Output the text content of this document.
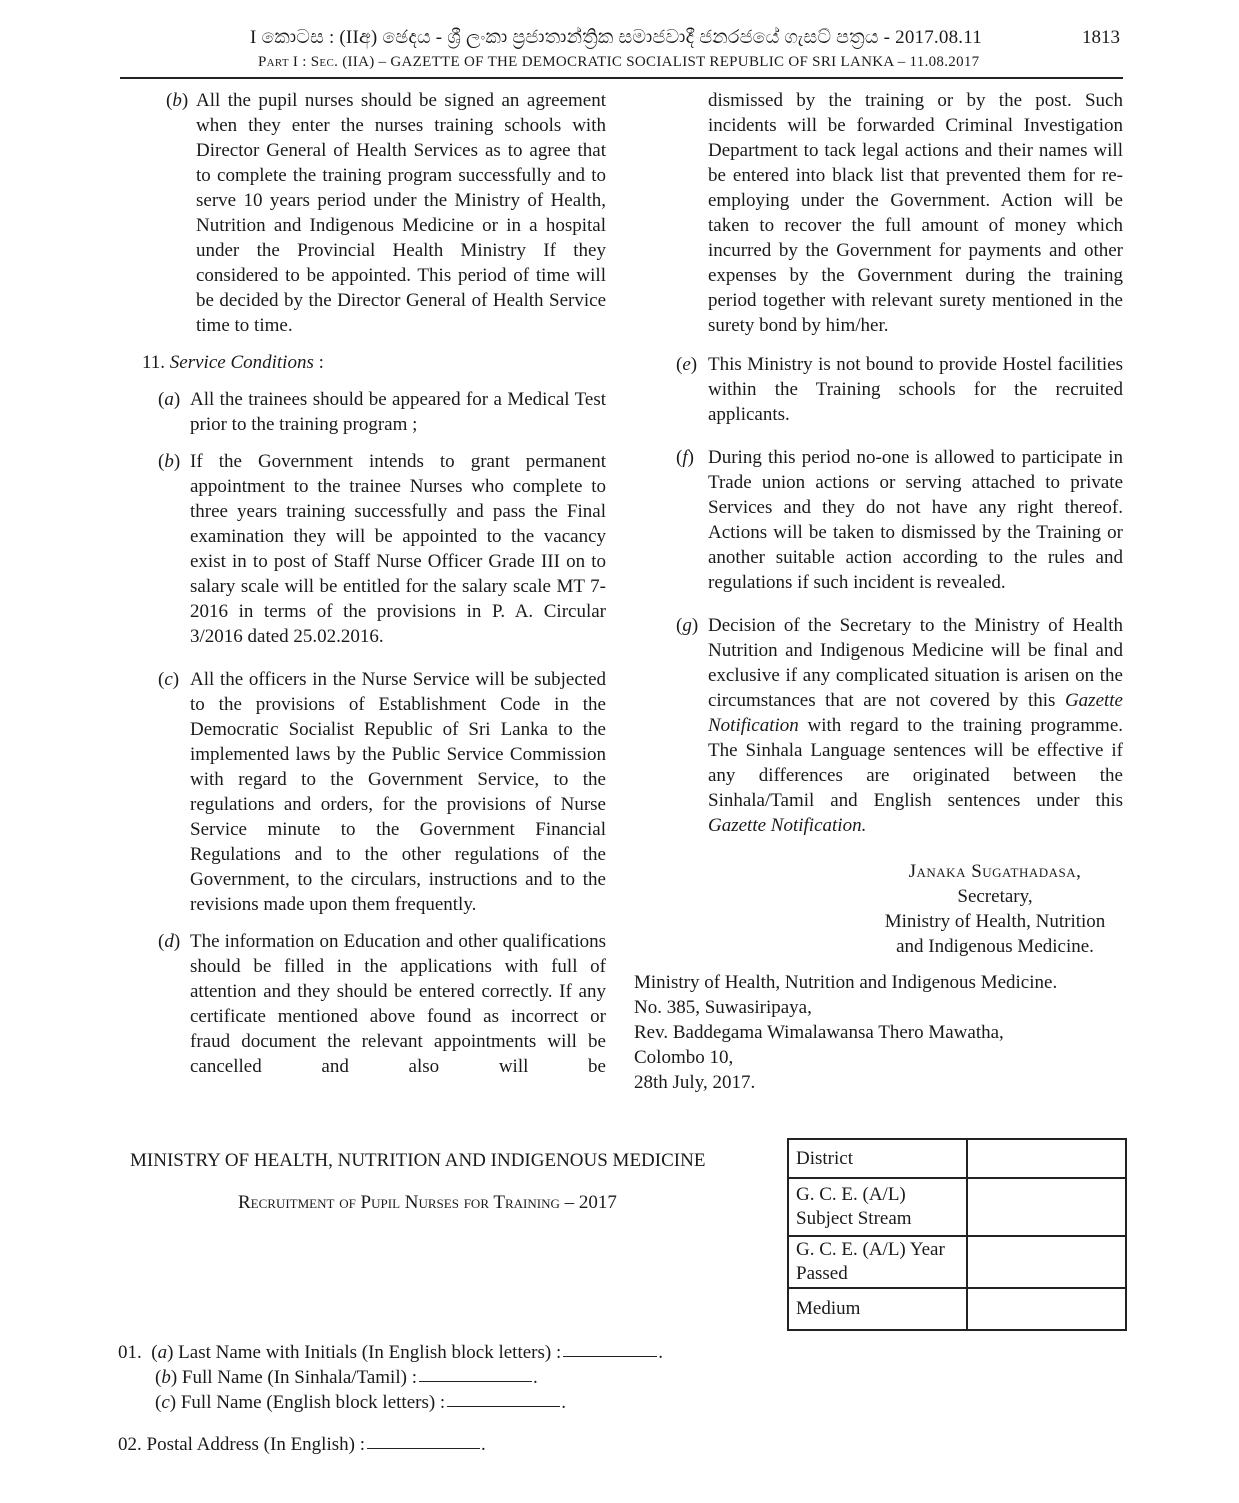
I කොටස : (IIඅ) ඡෙදය - ශ්‍රී ලංකා ප්‍රජාතාන්ත්‍රික සමාජවාදී ජනරජයේ ගැසට් පත්‍රය - 2017.08.11	1813
Part I : Sec. (IIA) – GAZETTE OF THE DEMOCRATIC SOCIALIST REPUBLIC OF SRI LANKA – 11.08.2017
(b) All the pupil nurses should be signed an agreement when they enter the nurses training schools with Director General of Health Services as to agree that to complete the training program successfully and to serve 10 years period under the Ministry of Health, Nutrition and Indigenous Medicine or in a hospital under the Provincial Health Ministry If they considered to be appointed. This period of time will be decided by the Director General of Health Service time to time.
11. Service Conditions :
(a) All the trainees should be appeared for a Medical Test prior to the training program ;
(b) If the Government intends to grant permanent appointment to the trainee Nurses who complete to three years training successfully and pass the Final examination they will be appointed to the vacancy exist in to post of Staff Nurse Officer Grade III on to salary scale will be entitled for the salary scale MT 7-2016 in terms of the provisions in P. A. Circular 3/2016 dated 25.02.2016.
(c) All the officers in the Nurse Service will be subjected to the provisions of Establishment Code in the Democratic Socialist Republic of Sri Lanka to the implemented laws by the Public Service Commission with regard to the Government Service, to the regulations and orders, for the provisions of Nurse Service minute to the Government Financial Regulations and to the other regulations of the Government, to the circulars, instructions and to the revisions made upon them frequently.
(d) The information on Education and other qualifications should be filled in the applications with full of attention and they should be entered correctly. If any certificate mentioned above found as incorrect or fraud document the relevant appointments will be cancelled and also will be
dismissed by the training or by the post. Such incidents will be forwarded Criminal Investigation Department to tack legal actions and their names will be entered into black list that prevented them for re-employing under the Government. Action will be taken to recover the full amount of money which incurred by the Government for payments and other expenses by the Government during the training period together with relevant surety mentioned in the surety bond by him/her.
(e) This Ministry is not bound to provide Hostel facilities within the Training schools for the recruited applicants.
(f) During this period no-one is allowed to participate in Trade union actions or serving attached to private Services and they do not have any right thereof. Actions will be taken to dismissed by the Training or another suitable action according to the rules and regulations if such incident is revealed.
(g) Decision of the Secretary to the Ministry of Health Nutrition and Indigenous Medicine will be final and exclusive if any complicated situation is arisen on the circumstances that are not covered by this Gazette Notification with regard to the training programme. The Sinhala Language sentences will be effective if any differences are originated between the Sinhala/Tamil and English sentences under this Gazette Notification.
Janaka Sugathadasa,
Secretary,
Ministry of Health, Nutrition
and Indigenous Medicine.
Ministry of Health, Nutrition and Indigenous Medicine.
No. 385, Suwasiripaya,
Rev. Baddegama Wimalawansa Thero Mawatha,
Colombo 10,
28th July, 2017.
MINISTRY OF HEALTH, NUTRITION AND INDIGENOUS MEDICINE
Recruitment of Pupil Nurses for Training – 2017
District	
G. C. E. (A/L) Subject Stream	
G. C. E. (A/L) Year Passed	
Medium	
01.  (a) Last Name with Initials (In English block letters) :	.
(b) Full Name (In Sinhala/Tamil) :	.
(c) Full Name (English block letters) :	.
02. Postal Address (In English) :	.
